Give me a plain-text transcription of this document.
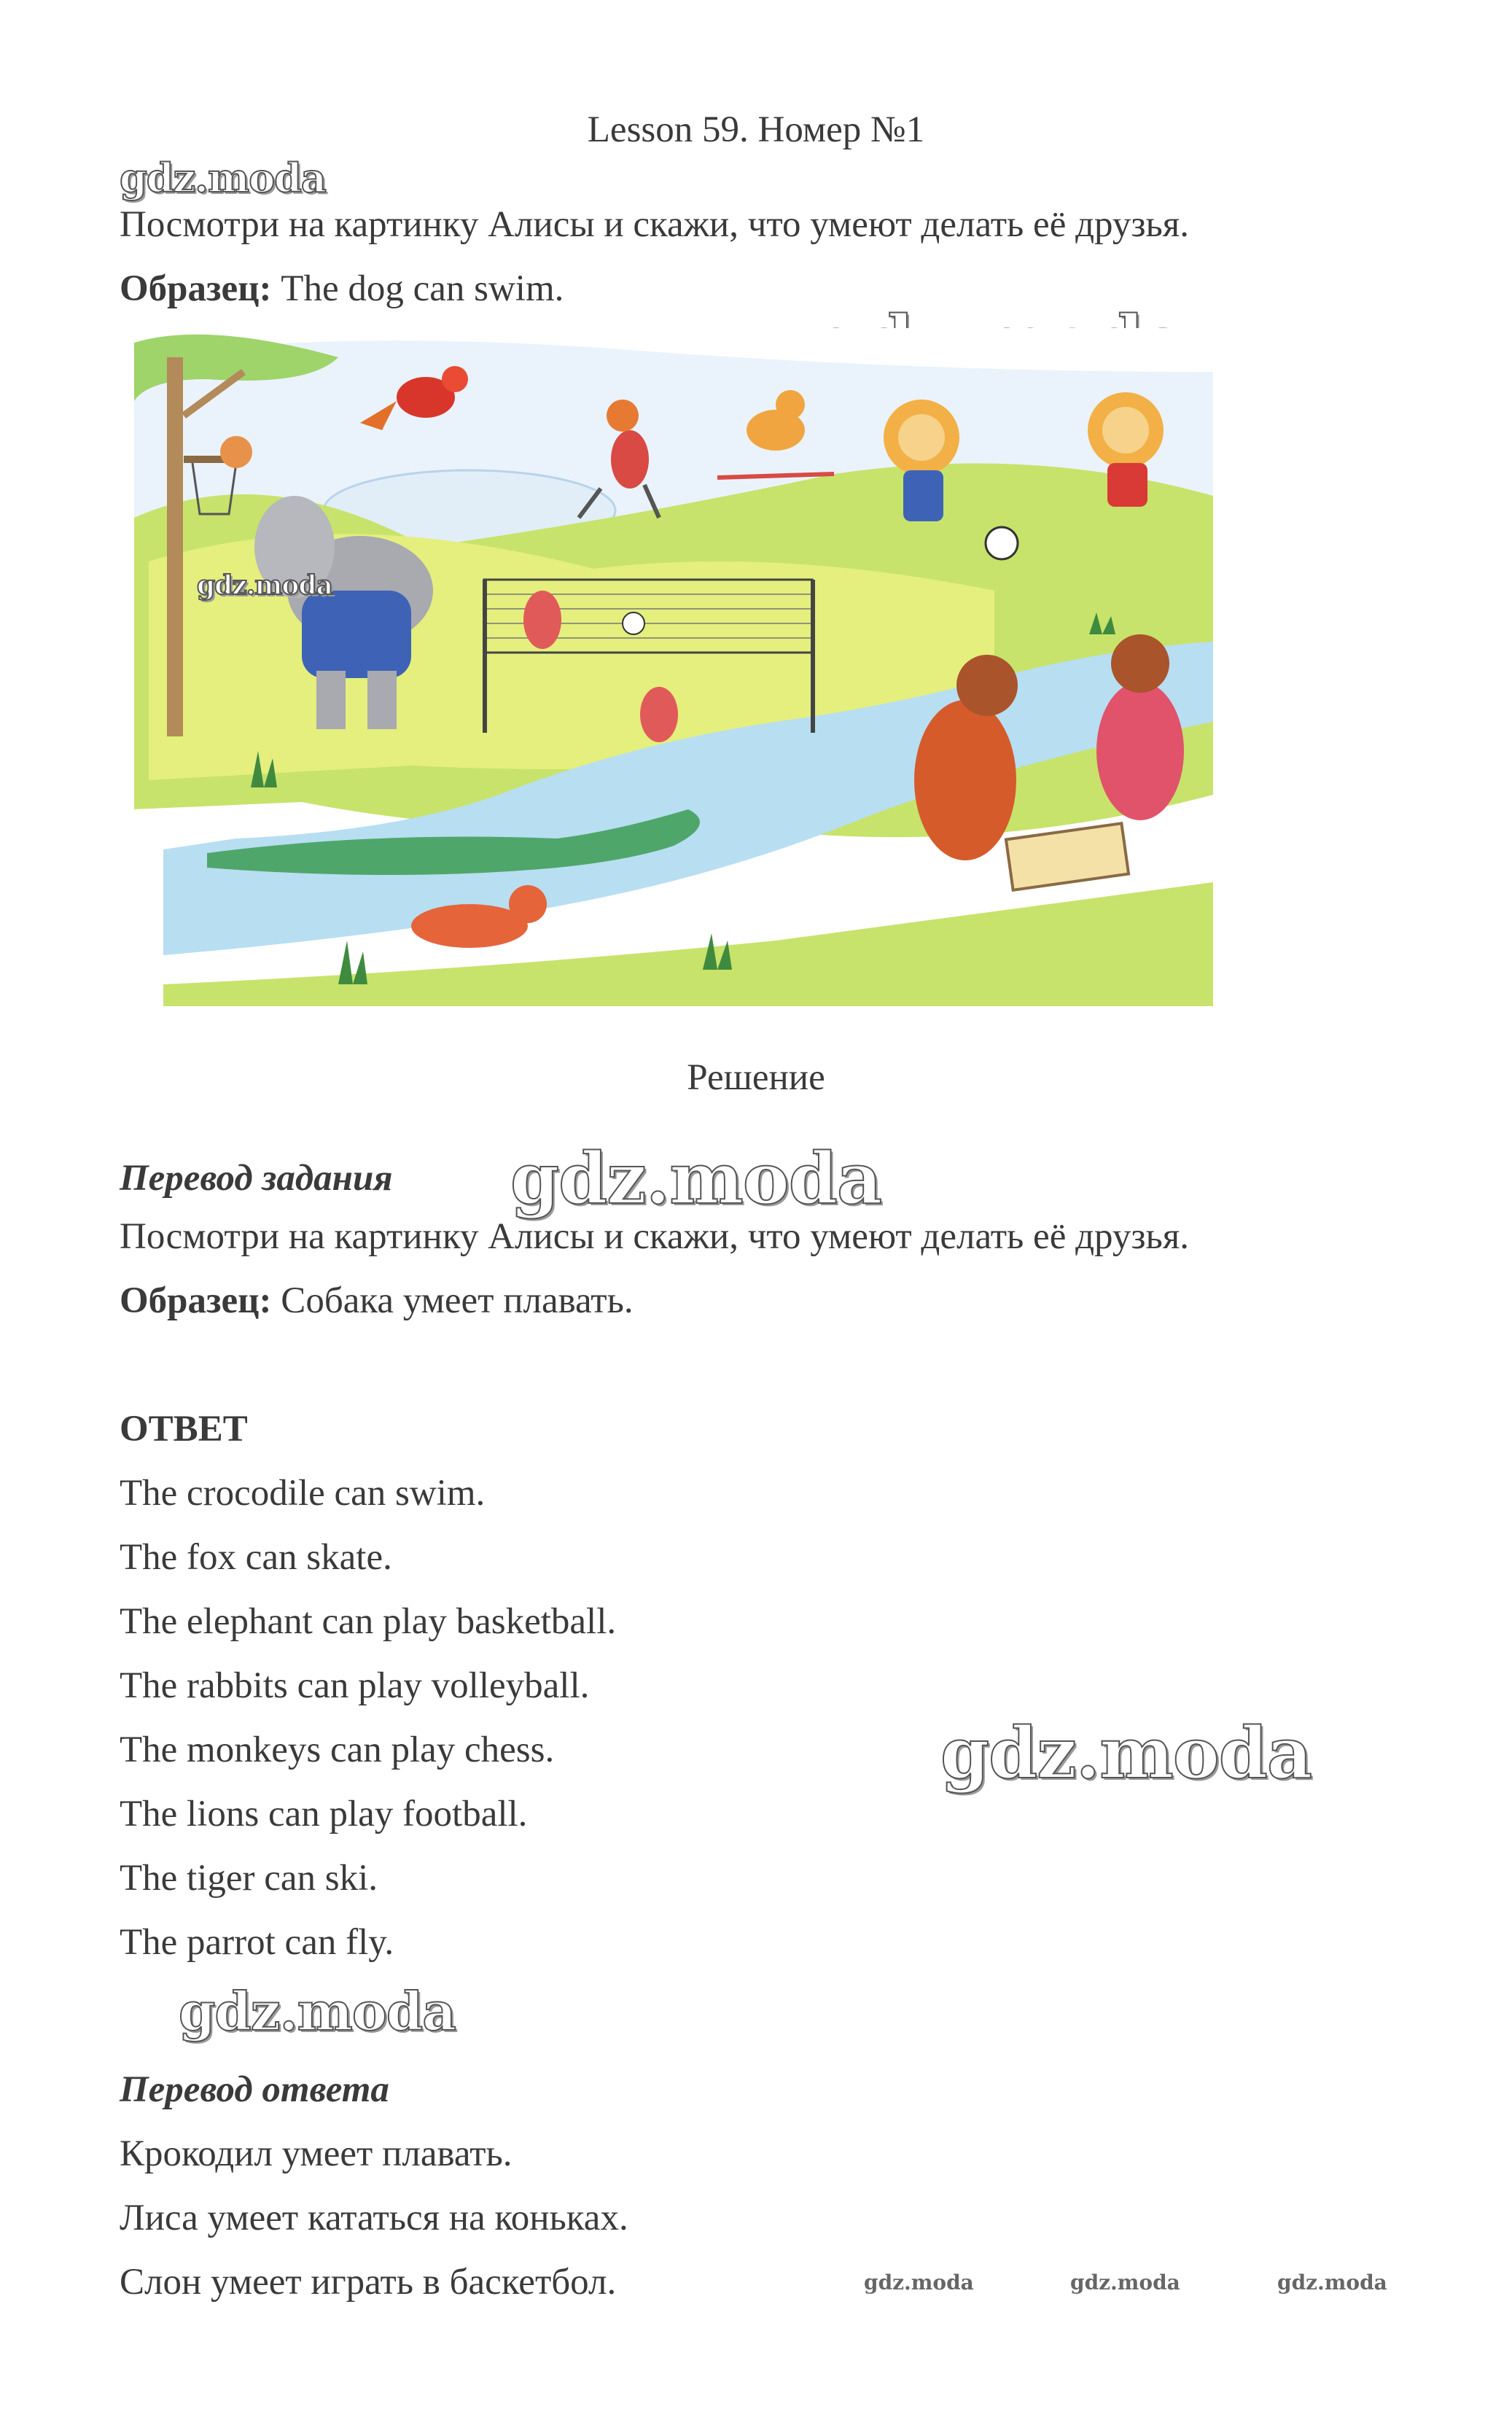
Lesson 59. Номер №1
gdz.moda
Посмотри на картинку Алисы и скажи, что умеют делать её друзья.
Образец: The dog can swim.
gdz.moda
Решение
Перевод задания gdz.moda
Посмотри на картинку Алисы и скажи, что умеют делать её друзья.
Образец: Собака умеет плавать.
ОТВЕТ
The crocodile can swim.
The fox can skate.
The elephant can play basketball.
The rabbits can play volleyball.
The monkeys can play chess.
The lions can play football.
The tiger can ski.
The parrot can fly.
gdz.moda
gdz.moda
Перевод ответа
Крокодил умеет плавать.
Лиса умеет кататься на коньках.
Слон умеет играть в баскетбол.	gdz.moda	gdz.moda	gdz.moda
